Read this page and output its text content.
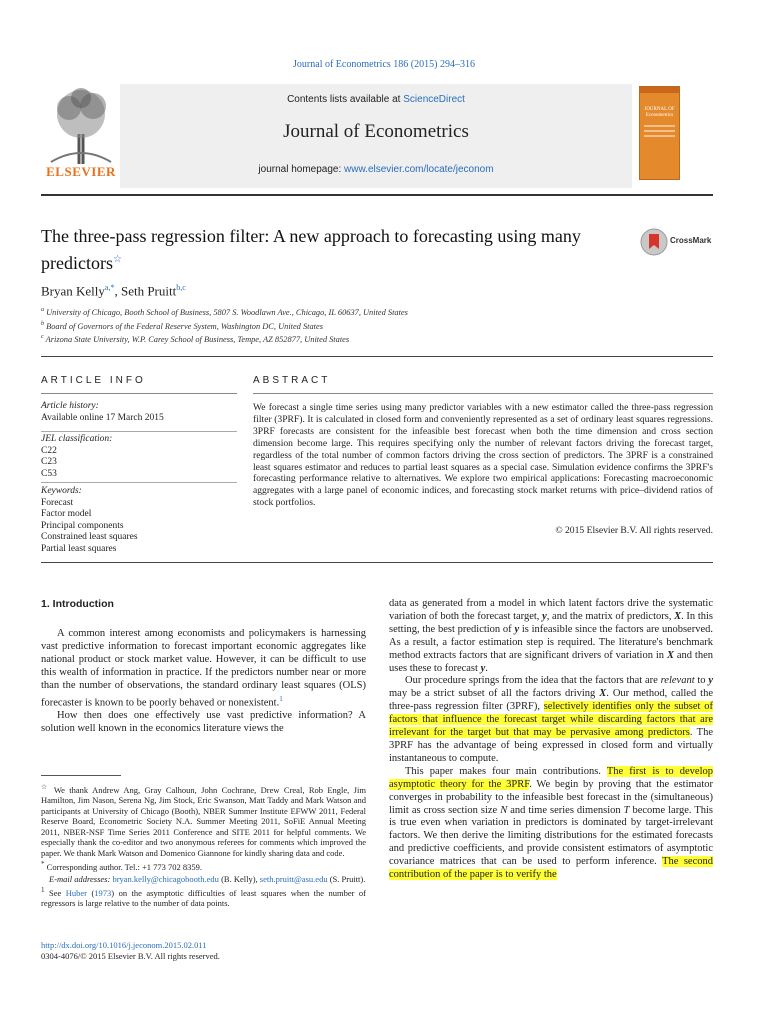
Journal of Econometrics 186 (2015) 294–316
ELSEVIER
Contents lists available at ScienceDirect
Journal of Econometrics
journal homepage: www.elsevier.com/locate/jeconom
JOURNAL OF
Econometrics
The three-pass regression filter: A new approach to forecasting using many predictors☆
CrossMark
Bryan Kelly$^{a,*}$, Seth Pruitt$^{b,c}$
$^a$ University of Chicago, Booth School of Business, 5807 S. Woodlawn Ave., Chicago, IL 60637, United States
$^b$ Board of Governors of the Federal Reserve System, Washington DC, United States
$^c$ Arizona State University, W.P. Carey School of Business, Tempe, AZ 852877, United States
ARTICLE INFO
Article history:
Available online 17 March 2015
JEL classification:
C22
C23
C53
Keywords:
Forecast
Factor model
Principal components
Constrained least squares
Partial least squares
ABSTRACT
We forecast a single time series using many predictor variables with a new estimator called the three-pass regression filter (3PRF). It is calculated in closed form and conveniently represented as a set of ordinary least squares regressions. 3PRF forecasts are consistent for the infeasible best forecast when both the time dimension and cross section dimension become large. This requires specifying only the number of relevant factors driving the forecast target, regardless of the total number of common factors driving the cross section of predictors. The 3PRF is a constrained least squares estimator and reduces to partial least squares as a special case. Simulation evidence confirms the 3PRF's forecasting performance relative to alternatives. We explore two empirical applications: Forecasting macroeconomic aggregates with a large panel of economic indices, and forecasting stock market returns with price–dividend ratios of stock portfolios.
© 2015 Elsevier B.V. All rights reserved.
1. Introduction

A common interest among economists and policymakers is harnessing vast predictive information to forecast important economic aggregates like national product or stock market value. However, it can be difficult to use this wealth of information in practice. If the predictors number near or more than the number of observations, the standard ordinary least squares (OLS) forecaster is known to be poorly behaved or nonexistent.$^1$

How then does one effectively use vast predictive information? A solution well known in the economics literature views the

☆ We thank Andrew Ang, Gray Calhoun, John Cochrane, Drew Creal, Rob Engle, Jim Hamilton, Jim Nason, Serena Ng, Jim Stock, Eric Swanson, Matt Taddy and Mark Watson and participants at University of Chicago (Booth), NBER Summer Institute EFWW 2011, Federal Reserve Board, Econometric Society N.A. Summer Meeting 2011, SoFiE Annual Meeting 2011, NBER-NSF Time Series 2011 Conference and SITE 2011 for helpful comments. We especially thank the co-editor and two anonymous referees for comments which improved the paper. We thank Mark Watson and Domenico Giannone for kindly sharing data and code.

* Corresponding author. Tel.: +1 773 702 8359.

E-mail addresses: bryan.kelly@chicagobooth.edu (B. Kelly), seth.pruitt@asu.edu (S. Pruitt).

$^1$ See Huber (1973) on the asymptotic difficulties of least squares when the number of regressors is large relative to the number of data points.

http://dx.doi.org/10.1016/j.jeconom.2015.02.011
0304-4076/© 2015 Elsevier B.V. All rights reserved.

data as generated from a model in which latent factors drive the systematic variation of both the forecast target, y, and the matrix of predictors, X. In this setting, the best prediction of y is infeasible since the factors are unobserved. As a result, a factor estimation step is required. The literature's benchmark method extracts factors that are significant drivers of variation in X and then uses these to forecast y.

Our procedure springs from the idea that the factors that are relevant to y may be a strict subset of all the factors driving X. Our method, called the three-pass regression filter (3PRF), selectively identifies only the subset of factors that influence the forecast target while discarding factors that are irrelevant for the target but that may be pervasive among predictors. The 3PRF has the advantage of being expressed in closed form and virtually instantaneous to compute.

This paper makes four main contributions. The first is to develop asymptotic theory for the 3PRF. We begin by proving that the estimator converges in probability to the infeasible best forecast in the (simultaneous) limit as cross section size N and time series dimension T become large. This is true even when variation in predictors is dominated by target-irrelevant factors. We then derive the limiting distributions for the estimated forecasts and predictive coefficients, and provide consistent estimators of asymptotic covariance matrices that can be used to perform inference. The second contribution of the paper is to verify the
